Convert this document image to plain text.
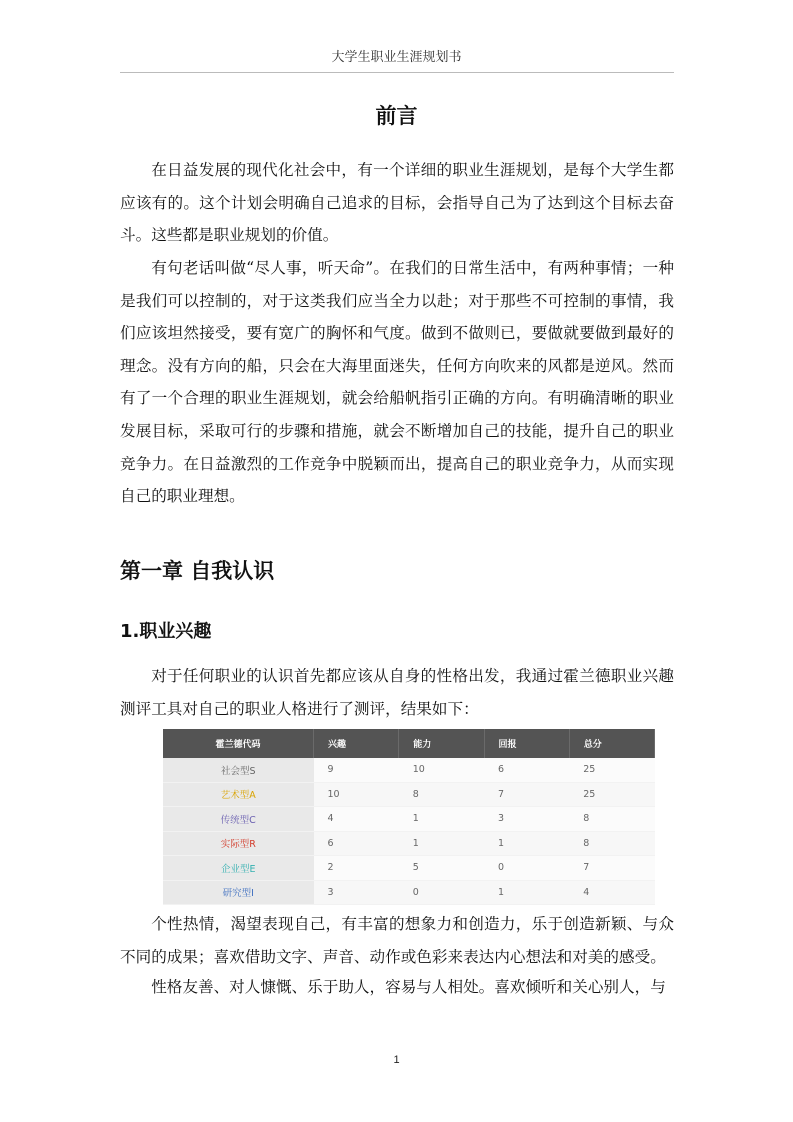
大学生职业生涯规划书
前言

在日益发展的现代化社会中，有一个详细的职业生涯规划，是每个大学生都应该有的。这个计划会明确自己追求的目标，会指导自己为了达到这个目标去奋斗。这些都是职业规划的价值。

有句老话叫做“尽人事，听天命”。在我们的日常生活中，有两种事情；一种是我们可以控制的，对于这类我们应当全力以赴；对于那些不可控制的事情，我们应该坦然接受，要有宽广的胸怀和气度。做到不做则已，要做就要做到最好的理念。没有方向的船，只会在大海里面迷失，任何方向吹来的风都是逆风。然而有了一个合理的职业生涯规划，就会给船帆指引正确的方向。有明确清晰的职业发展目标，采取可行的步骤和措施，就会不断增加自己的技能，提升自己的职业竞争力。在日益激烈的工作竞争中脱颖而出，提高自己的职业竞争力，从而实现自己的职业理想。

第一章 自我认识
1.职业兴趣

对于任何职业的认识首先都应该从自身的性格出发，我通过霍兰德职业兴趣测评工具对自己的职业人格进行了测评，结果如下：

霍兰德代码	兴趣	能力	回报	总分
社会型S	9	10	6	25
艺术型A	10	8	7	25
传统型C	4	1	3	8
实际型R	6	1	1	8
企业型E	2	5	0	7
研究型I	3	0	1	4

个性热情，渴望表现自己，有丰富的想象力和创造力，乐于创造新颖、与众不同的成果；喜欢借助文字、声音、动作或色彩来表达内心想法和对美的感受。

性格友善、对人慷慨、乐于助人，容易与人相处。喜欢倾听和关心别人，与

1
